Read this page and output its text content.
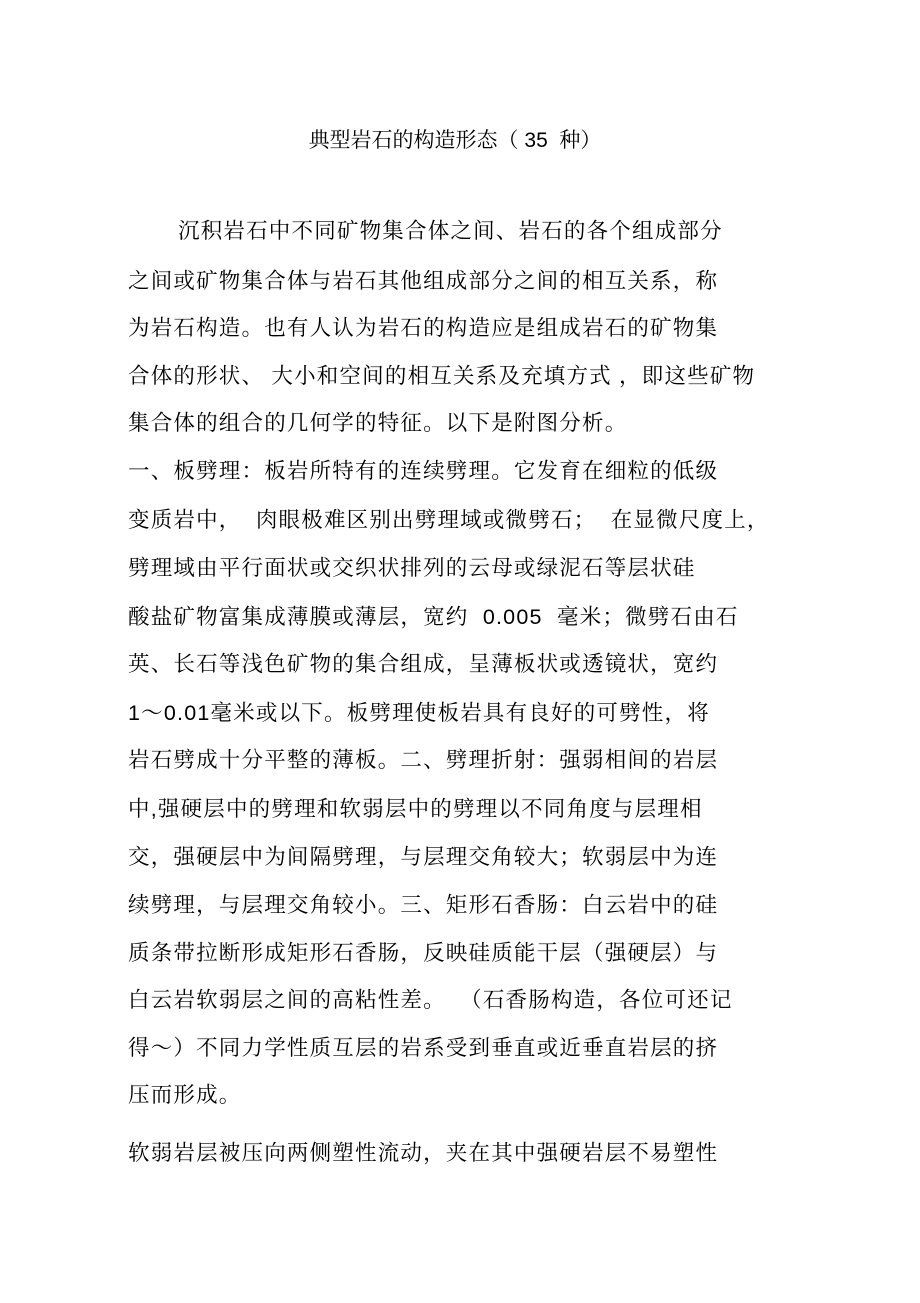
典型岩石的构造形态（ 35  种）
沉积岩石中不同矿物集合体之间、岩石的各个组成部分
之间或矿物集合体与岩石其他组成部分之间的相互关系，称
为岩石构造。也有人认为岩石的构造应是组成岩石的矿物集
合体的形状、 大小和空间的相互关系及充填方式 ，即这些矿物
集合体的组合的几何学的特征。以下是附图分析。
一、板劈理：板岩所特有的连续劈理。它发育在细粒的低级
变质岩中，  肉眼极难区别出劈理域或微劈石；  在显微尺度上，
劈理域由平行面状或交织状排列的云母或绿泥石等层状硅
酸盐矿物富集成薄膜或薄层，宽约  0.005  毫米；微劈石由石
英、长石等浅色矿物的集合组成，呈薄板状或透镜状，宽约
1～0.01毫米或以下。板劈理使板岩具有良好的可劈性，将
岩石劈成十分平整的薄板。二、劈理折射：强弱相间的岩层
中,强硬层中的劈理和软弱层中的劈理以不同角度与层理相
交，强硬层中为间隔劈理，与层理交角较大；软弱层中为连
续劈理，与层理交角较小。三、矩形石香肠：白云岩中的硅
质条带拉断形成矩形石香肠，反映硅质能干层（强硬层）与
白云岩软弱层之间的高粘性差。  （石香肠构造，各位可还记
得～）不同力学性质互层的岩系受到垂直或近垂直岩层的挤
压而形成。
软弱岩层被压向两侧塑性流动，夹在其中强硬岩层不易塑性
